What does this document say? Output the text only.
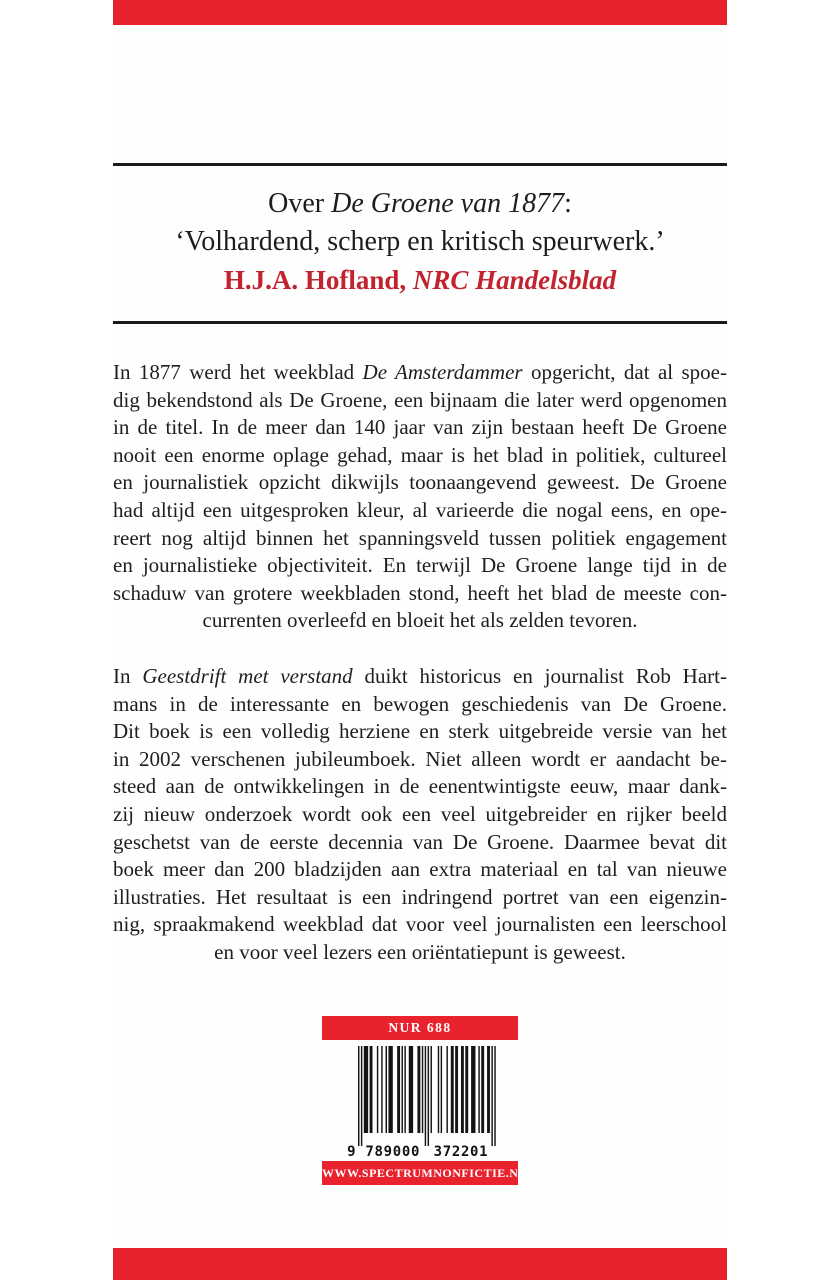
Over De Groene van 1877:
‘Volhardend, scherp en kritisch speurwerk.’
H.J.A. Hofland, NRC Handelsblad
In 1877 werd het weekblad De Amsterdammer opgericht, dat al spoe-
dig bekendstond als De Groene, een bijnaam die later werd opgenomen
in de titel. In de meer dan 140 jaar van zijn bestaan heeft De Groene
nooit een enorme oplage gehad, maar is het blad in politiek, cultureel
en journalistiek opzicht dikwijls toonaangevend geweest. De Groene
had altijd een uitgesproken kleur, al varieerde die nogal eens, en ope-
reert nog altijd binnen het spanningsveld tussen politiek engagement
en journalistieke objectiviteit. En terwijl De Groene lange tijd in de
schaduw van grotere weekbladen stond, heeft het blad de meeste con-
currenten overleefd en bloeit het als zelden tevoren.
In Geestdrift met verstand duikt historicus en journalist Rob Hart-
mans in de interessante en bewogen geschiedenis van De Groene.
Dit boek is een volledig herziene en sterk uitgebreide versie van het
in 2002 verschenen jubileumboek. Niet alleen wordt er aandacht be-
steed aan de ontwikkelingen in de eenentwintigste eeuw, maar dank-
zij nieuw onderzoek wordt ook een veel uitgebreider en rijker beeld
geschetst van de eerste decennia van De Groene. Daarmee bevat dit
boek meer dan 200 bladzijden aan extra materiaal en tal van nieuwe
illustraties. Het resultaat is een indringend portret van een eigenzin-
nig, spraakmakend weekblad dat voor veel journalisten een leerschool
en voor veel lezers een oriëntatiepunt is geweest.
NUR 688
9 789000 372201
WWW.SPECTRUMNONFICTIE.NL
